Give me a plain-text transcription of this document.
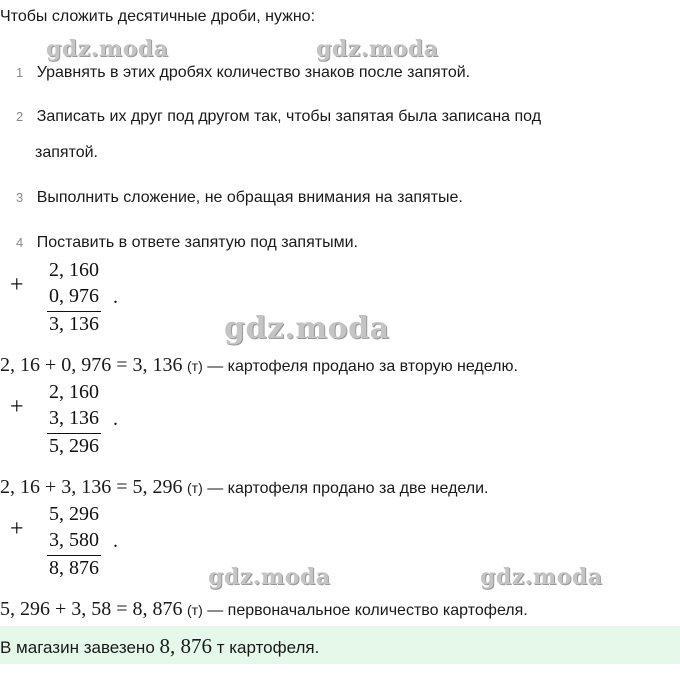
Чтобы сложить десятичные дроби, нужно:
gdz.moda	gdz.moda
gdz.moda
gdz.moda	gdz.moda
1 Уравнять в этих дробях количество знаков после запятой.
2 Записать их друг под другом так, чтобы запятая была записана под
запятой.
3 Выполнить сложение, не обращая внимания на запятые.
4 Поставить в ответе запятую под запятыми.
+
2, 160
0, 976 .
3, 136
2, 16 + 0, 976 = 3, 136 (т) — картофеля продано за вторую неделю.
+
2, 160
3, 136 .
5, 296
2, 16 + 3, 136 = 5, 296 (т) — картофеля продано за две недели.
+
5, 296
3, 580 .
8, 876
5, 296 + 3, 58 = 8, 876 (т) — первоначальное количество картофеля.
В магазин завезено 8, 876 т картофеля.
